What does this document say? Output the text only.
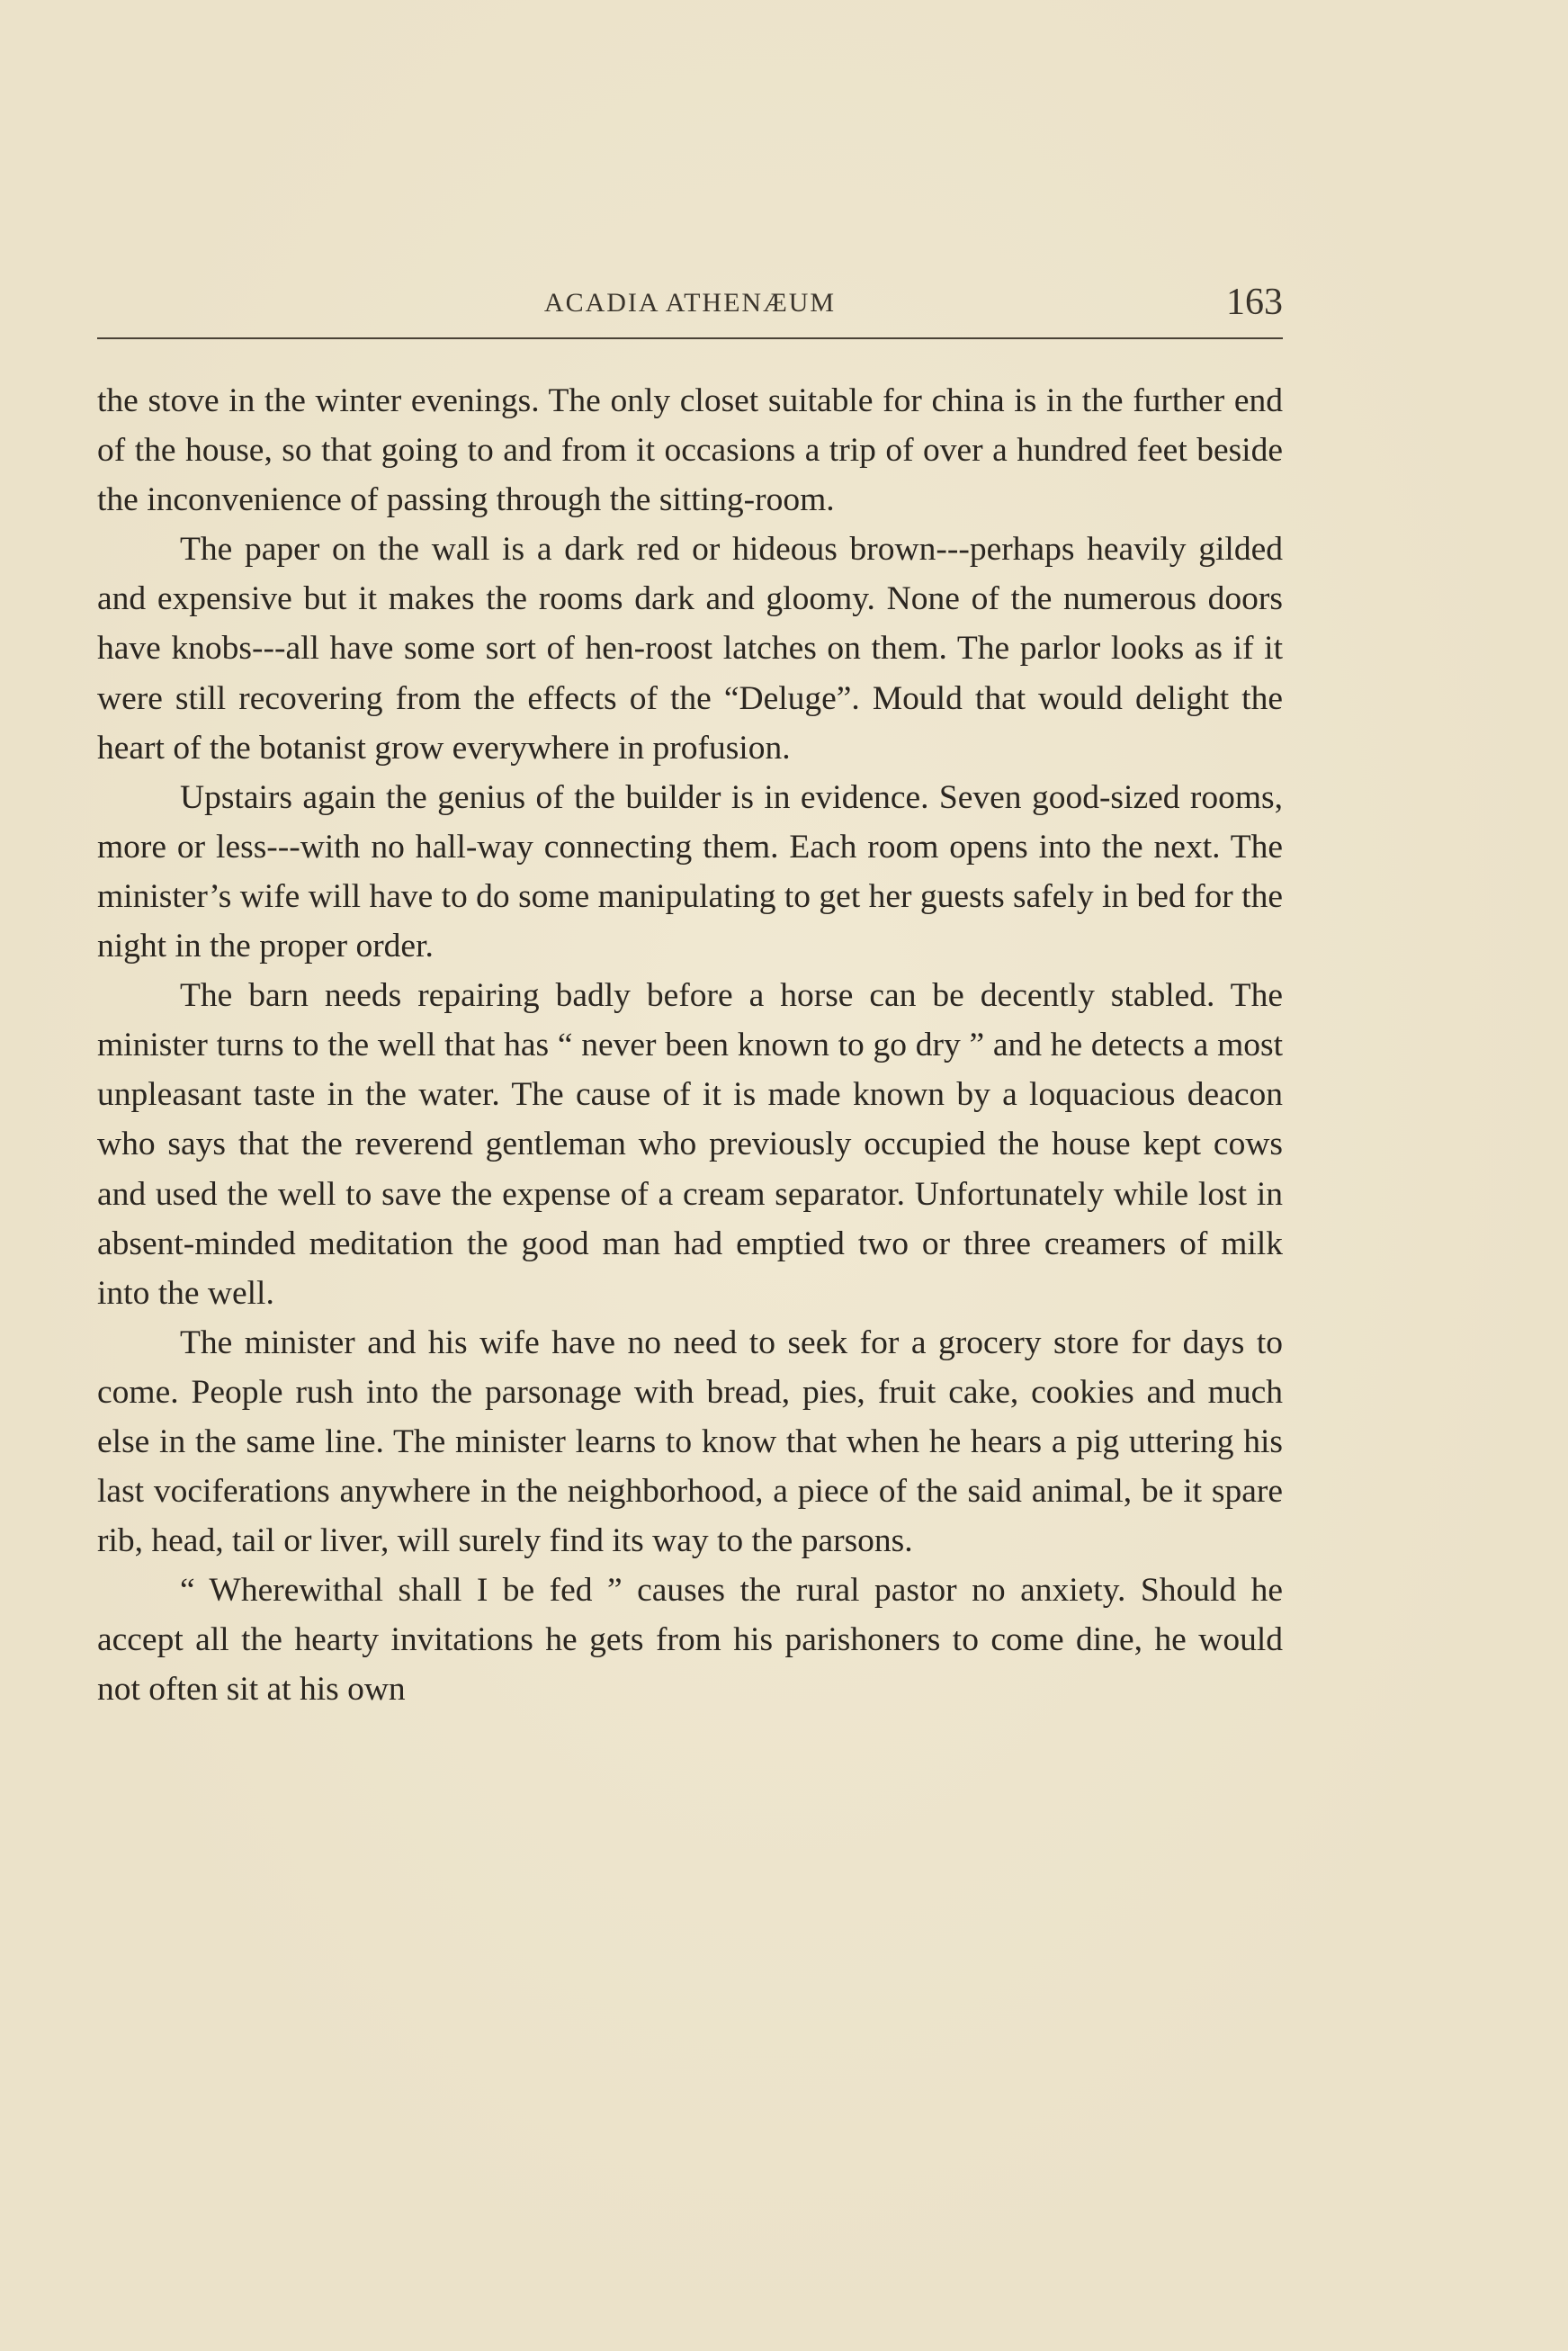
ACADIA ATHENÆUM	163

the stove in the winter evenings. The only closet suitable for china is in the further end of the house, so that going to and from it occasions a trip of over a hundred feet beside the inconvenience of passing through the sitting-room.

The paper on the wall is a dark red or hideous brown---perhaps heavily gilded and expensive but it makes the rooms dark and gloomy. None of the numerous doors have knobs---all have some sort of hen-roost latches on them. The parlor looks as if it were still recovering from the effects of the “Deluge”. Mould that would delight the heart of the botanist grow everywhere in profusion.

Upstairs again the genius of the builder is in evidence. Seven good-sized rooms, more or less---with no hall-way connecting them. Each room opens into the next. The minister’s wife will have to do some manipulating to get her guests safely in bed for the night in the proper order.

The barn needs repairing badly before a horse can be decently stabled. The minister turns to the well that has “ never been known to go dry ” and he detects a most unpleasant taste in the water. The cause of it is made known by a loquacious deacon who says that the reverend gentleman who previously occupied the house kept cows and used the well to save the expense of a cream separator. Unfortunately while lost in absent-minded meditation the good man had emptied two or three creamers of milk into the well.

The minister and his wife have no need to seek for a grocery store for days to come. People rush into the parsonage with bread, pies, fruit cake, cookies and much else in the same line. The minister learns to know that when he hears a pig uttering his last vociferations anywhere in the neighborhood, a piece of the said animal, be it spare rib, head, tail or liver, will surely find its way to the parsons.

“ Wherewithal shall I be fed ” causes the rural pastor no anxiety. Should he accept all the hearty invitations he gets from his parishoners to come dine, he would not often sit at his own
